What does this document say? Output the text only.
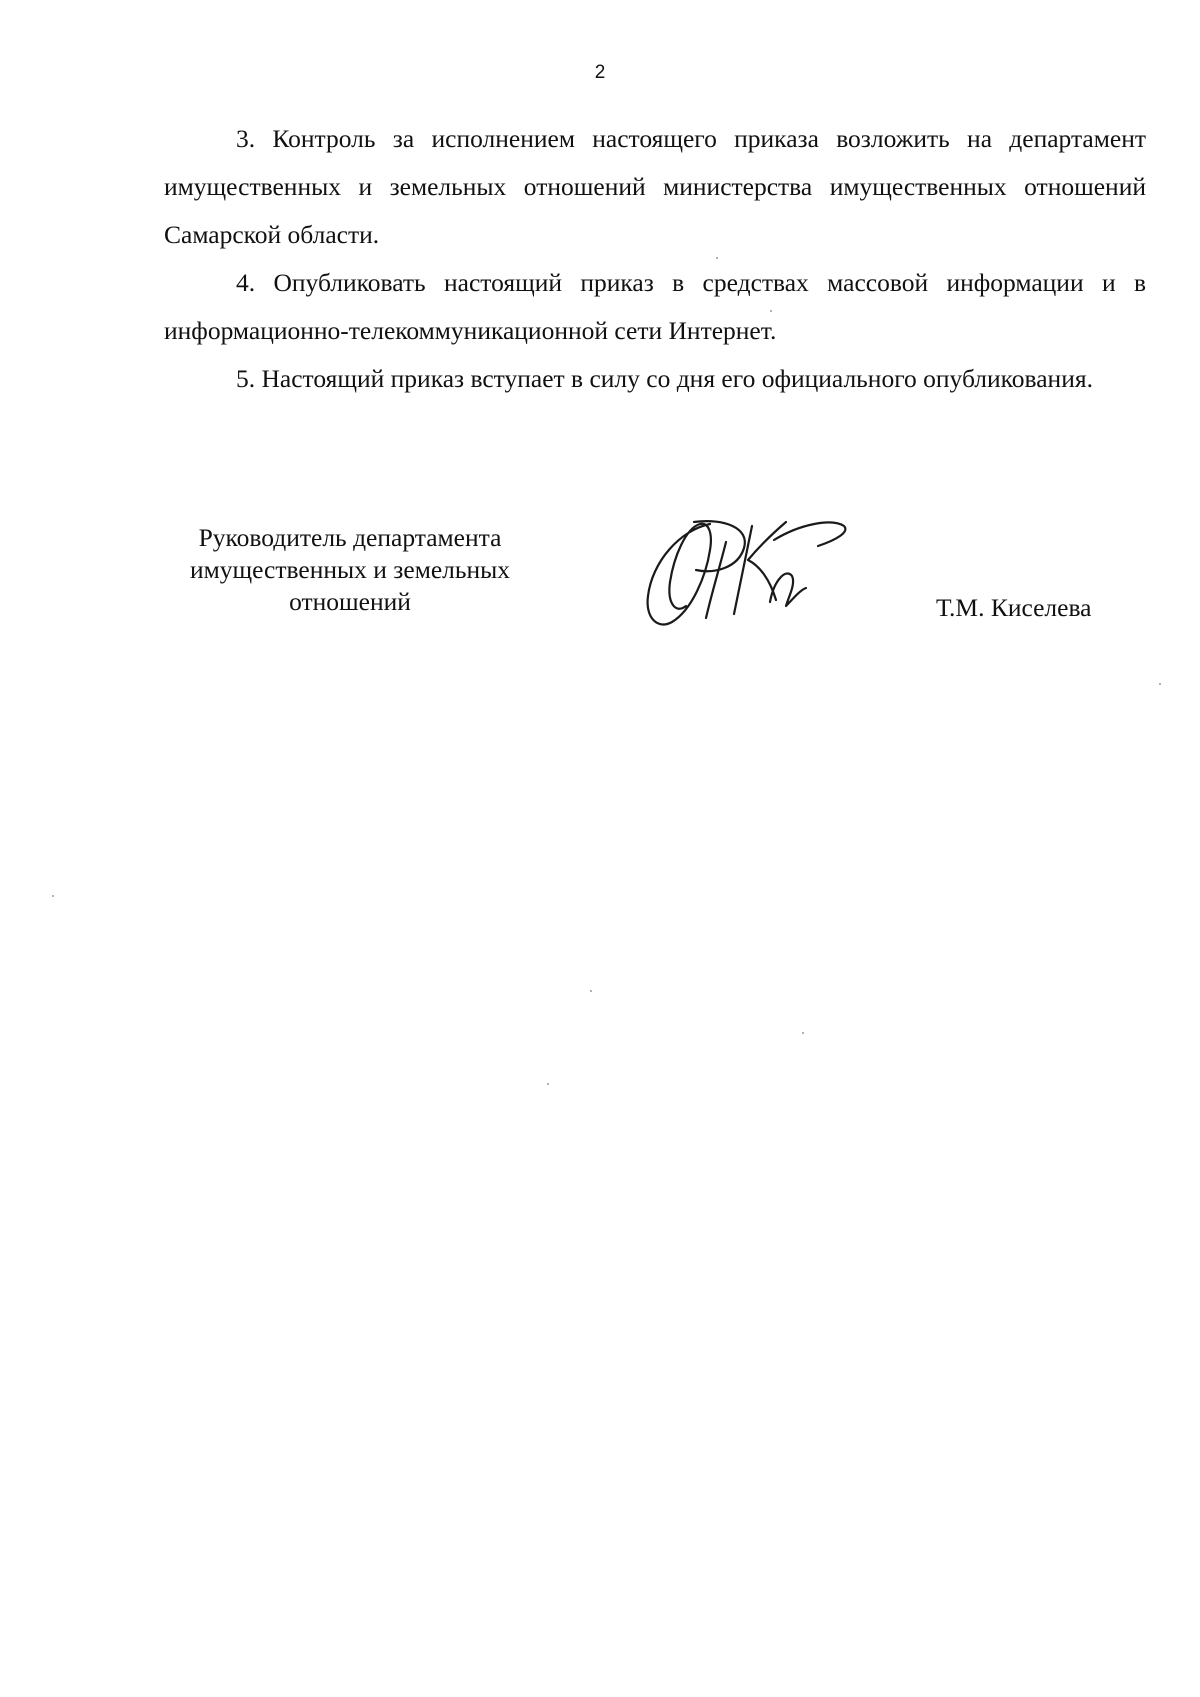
2

3. Контроль за исполнением настоящего приказа возложить на департамент имущественных и земельных отношений министерства имущественных отношений Самарской области.

4. Опубликовать настоящий приказ в средствах массовой информации и в информационно-телекоммуникационной сети Интернет.

5. Настоящий приказ вступает в силу со дня его официального опубликования.

Руководитель департамента
имущественных и земельных
отношений	Т.М. Киселева
